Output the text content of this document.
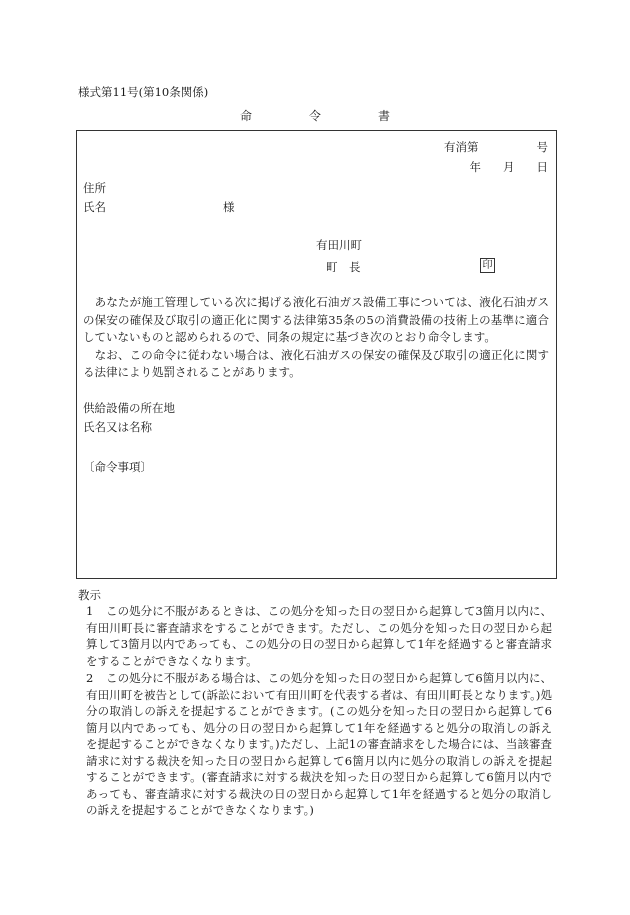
様式第11号(第10条関係)
命	令	書
有消第	号
年 月 日
住所
氏名	様
有田川町
町　長	印
　あなたが施工管理している次に掲げる液化石油ガス設備工事については、液化石油ガスの保安の確保及び取引の適正化に関する法律第35条の5の消費設備の技術上の基準に適合していないものと認められるので、同条の規定に基づき次のとおり命令します。
　なお、この命令に従わない場合は、液化石油ガスの保安の確保及び取引の適正化に関する法律により処罰されることがあります。
供給設備の所在地
氏名又は名称
〔命令事項〕
教示
1 この処分に不服があるときは、この処分を知った日の翌日から起算して3箇月以内に、有田川町長に審査請求をすることができます。ただし、この処分を知った日の翌日から起算して3箇月以内であっても、この処分の日の翌日から起算して1年を経過すると審査請求をすることができなくなります。
2 この処分に不服がある場合は、この処分を知った日の翌日から起算して6箇月以内に、有田川町を被告として(訴訟において有田川町を代表する者は、有田川町長となります。)処分の取消しの訴えを提起することができます。(この処分を知った日の翌日から起算して6箇月以内であっても、処分の日の翌日から起算して1年を経過すると処分の取消しの訴えを提起することができなくなります。)ただし、上記1の審査請求をした場合には、当該審査請求に対する裁決を知った日の翌日から起算して6箇月以内に処分の取消しの訴えを提起することができます。(審査請求に対する裁決を知った日の翌日から起算して6箇月以内であっても、審査請求に対する裁決の日の翌日から起算して1年を経過すると処分の取消しの訴えを提起することができなくなります。)
